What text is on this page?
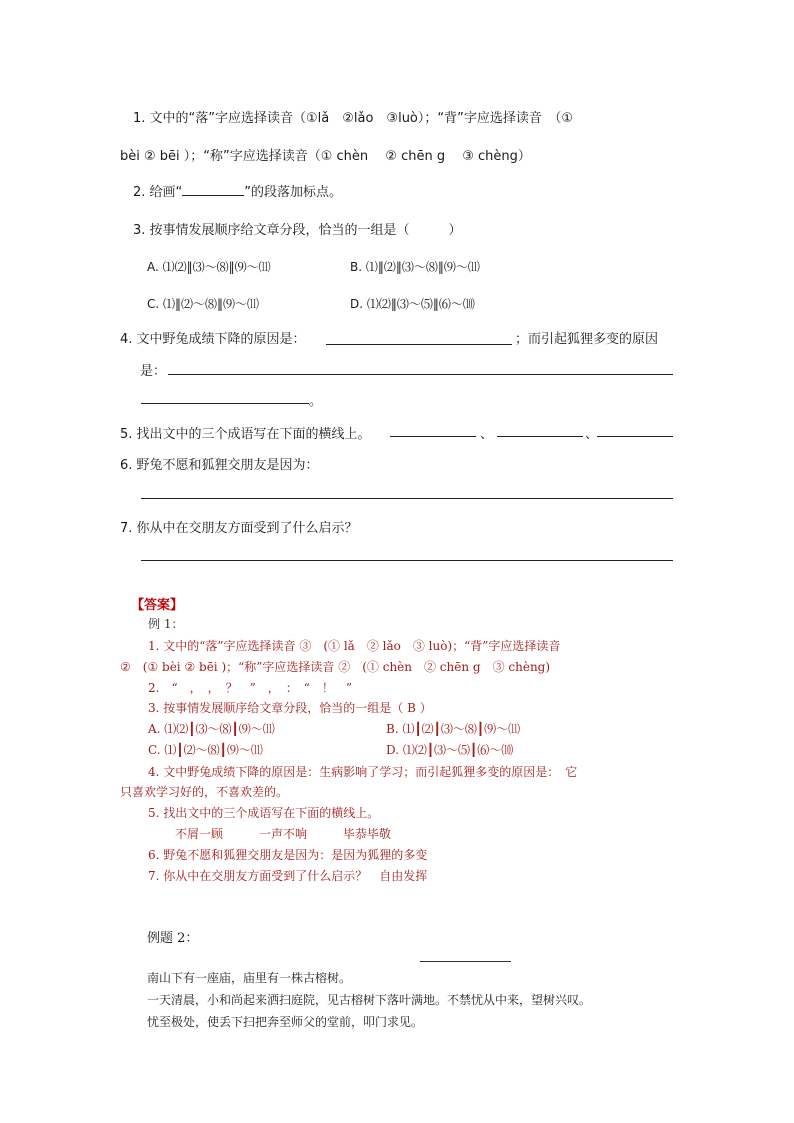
1. 文中的“落”字应选择读音（①lǎ　②lǎo　③luò）；“背”字应选择读音　（①
bèi ② bēi ）；“称”字应选择读音（① chèn　 ② chēn g　 ③ chèng）
2. 给画“	”的段落加标点。
3. 按事情发展顺序给文章分段，恰当的一组是（　　　）
A. ⑴⑵‖⑶〜⑻‖⑼〜⑾	B. ⑴‖⑵‖⑶〜⑻‖⑼〜⑾
C. ⑴‖⑵〜⑻‖⑼〜⑾	D. ⑴⑵‖⑶〜⑸‖⑹〜⑽
4. 文中野兔成绩下降的原因是：	；而引起狐狸多变的原因
是：
。
5. 找出文中的三个成语写在下面的横线上。	、	、
6. 野兔不愿和狐狸交朋友是因为：
7. 你从中在交朋友方面受到了什么启示？
【答案】
例 1：
1. 文中的“落”字应选择读音 ③　(① lǎ　② lǎo　③ luò)；“背”字应选择读音
②　(① bèi ② bēi )；“称”字应选择读音 ②　(① chèn　② chēn g　③ chèng)
2.　“　，　，　？　”　，　：　“　！　”
3. 按事情发展顺序给文章分段，恰当的一组是（ B ）
A. ⑴⑵┃⑶～⑻┃⑼～⑾	B. ⑴┃⑵┃⑶～⑻┃⑼～⑾
C. ⑴┃⑵～⑻┃⑼～⑾	D. ⑴⑵┃⑶～⑸┃⑹～⑽
4. 文中野兔成绩下降的原因是：生病影响了学习；而引起狐狸多变的原因是：　它
只喜欢学习好的，不喜欢差的。
5. 找出文中的三个成语写在下面的横线上。
不屑一顾　　　一声不响　　　毕恭毕敬
6. 野兔不愿和狐狸交朋友是因为：是因为狐狸的多变
7. 你从中在交朋友方面受到了什么启示？　自由发挥
例题 2：
南山下有一座庙，庙里有一株古榕树。
一天清晨，小和尚起来洒扫庭院，见古榕树下落叶满地。不禁忧从中来，望树兴叹。
忧至极处，使丢下扫把奔至师父的堂前，叩门求见。
